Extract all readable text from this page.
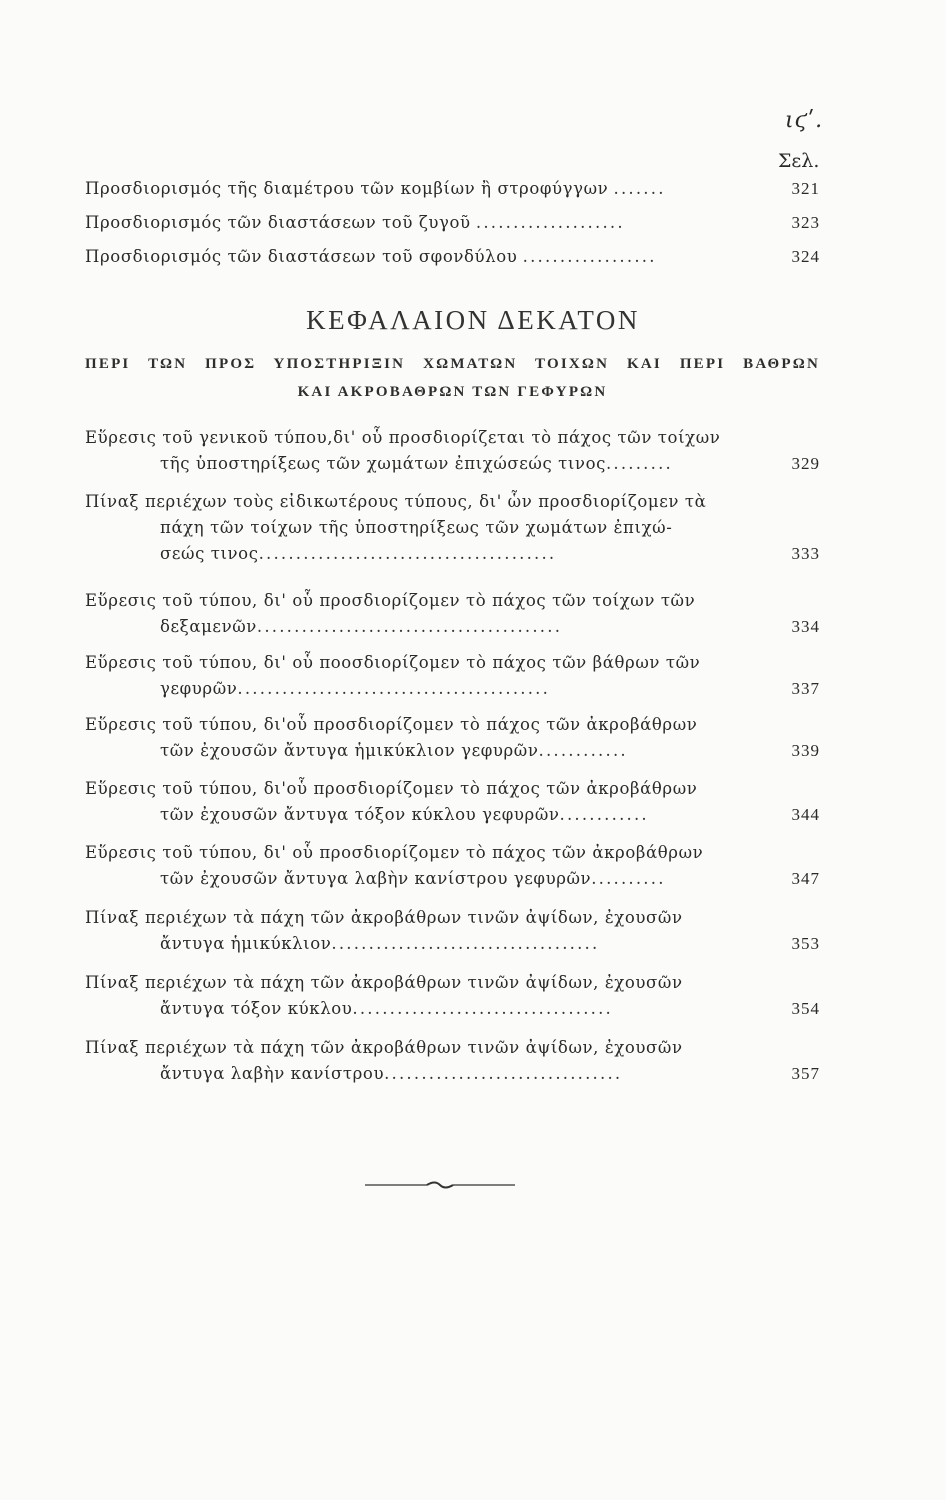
ιϛʹ.
Σελ.
Προσδιορισμός τῆς διαμέτρου τῶν κομβίων ἢ στροφύγγων .......	321
Προσδιορισμός τῶν διαστάσεων τοῦ ζυγοῦ ....................	323
Προσδιορισμός τῶν διαστάσεων τοῦ σφονδύλου ..................	324
ΚΕΦΑΛΑΙΟΝ ΔΕΚΑΤΟΝ
ΠΕΡΙ ΤΩΝ ΠΡΟΣ ΥΠΟΣΤΗΡΙΞΙΝ ΧΩΜΑΤΩΝ ΤΟΙΧΩΝ ΚΑΙ ΠΕΡΙ ΒΑΘΡΩΝ
ΚΑΙ ΑΚΡΟΒΑΘΡΩΝ ΤΩΝ ΓΕΦΥΡΩΝ
Εὕρεσις τοῦ γενικοῦ τύπου,δι' οὗ προσδιορίζεται τὸ πάχος τῶν τοίχων
τῆς ὑποστηρίξεως τῶν χωμάτων ἐπιχώσεώς τινος.........	329
Πίναξ περιέχων τοὺς εἰδικωτέρους τύπους, δι' ὧν προσδιορίζομεν τὰ
πάχη τῶν τοίχων τῆς ὑποστηρίξεως τῶν χωμάτων ἐπιχώ-
σεώς τινος........................................	333
Εὕρεσις τοῦ τύπου, δι' οὗ προσδιορίζομεν τὸ πάχος τῶν τοίχων τῶν
δεξαμενῶν.........................................	334
Εὕρεσις τοῦ τύπου, δι' οὗ ποοσδιορίζομεν τὸ πάχος τῶν βάθρων τῶν
γεφυρῶν..........................................	337
Εὕρεσις τοῦ τύπου, δι'οὗ προσδιορίζομεν τὸ πάχος τῶν ἀκροβάθρων
τῶν ἐχουσῶν ἄντυγα ἡμικύκλιον γεφυρῶν............	339
Εὕρεσις τοῦ τύπου, δι'οὗ προσδιορίζομεν τὸ πάχος τῶν ἀκροβάθρων
τῶν ἐχουσῶν ἄντυγα τόξον κύκλου γεφυρῶν............	344
Εὕρεσις τοῦ τύπου, δι' οὗ προσδιορίζομεν τὸ πάχος τῶν ἀκροβάθρων
τῶν ἐχουσῶν ἄντυγα λαβὴν κανίστρου γεφυρῶν..........	347
Πίναξ περιέχων τὰ πάχη τῶν ἀκροβάθρων τινῶν ἀψίδων, ἐχουσῶν
ἄντυγα ἡμικύκλιον....................................	353
Πίναξ περιέχων τὰ πάχη τῶν ἀκροβάθρων τινῶν ἀψίδων, ἐχουσῶν
ἄντυγα τόξον κύκλου...................................	354
Πίναξ περιέχων τὰ πάχη τῶν ἀκροβάθρων τινῶν ἀψίδων, ἐχουσῶν
ἄντυγα λαβὴν κανίστρου................................	357
